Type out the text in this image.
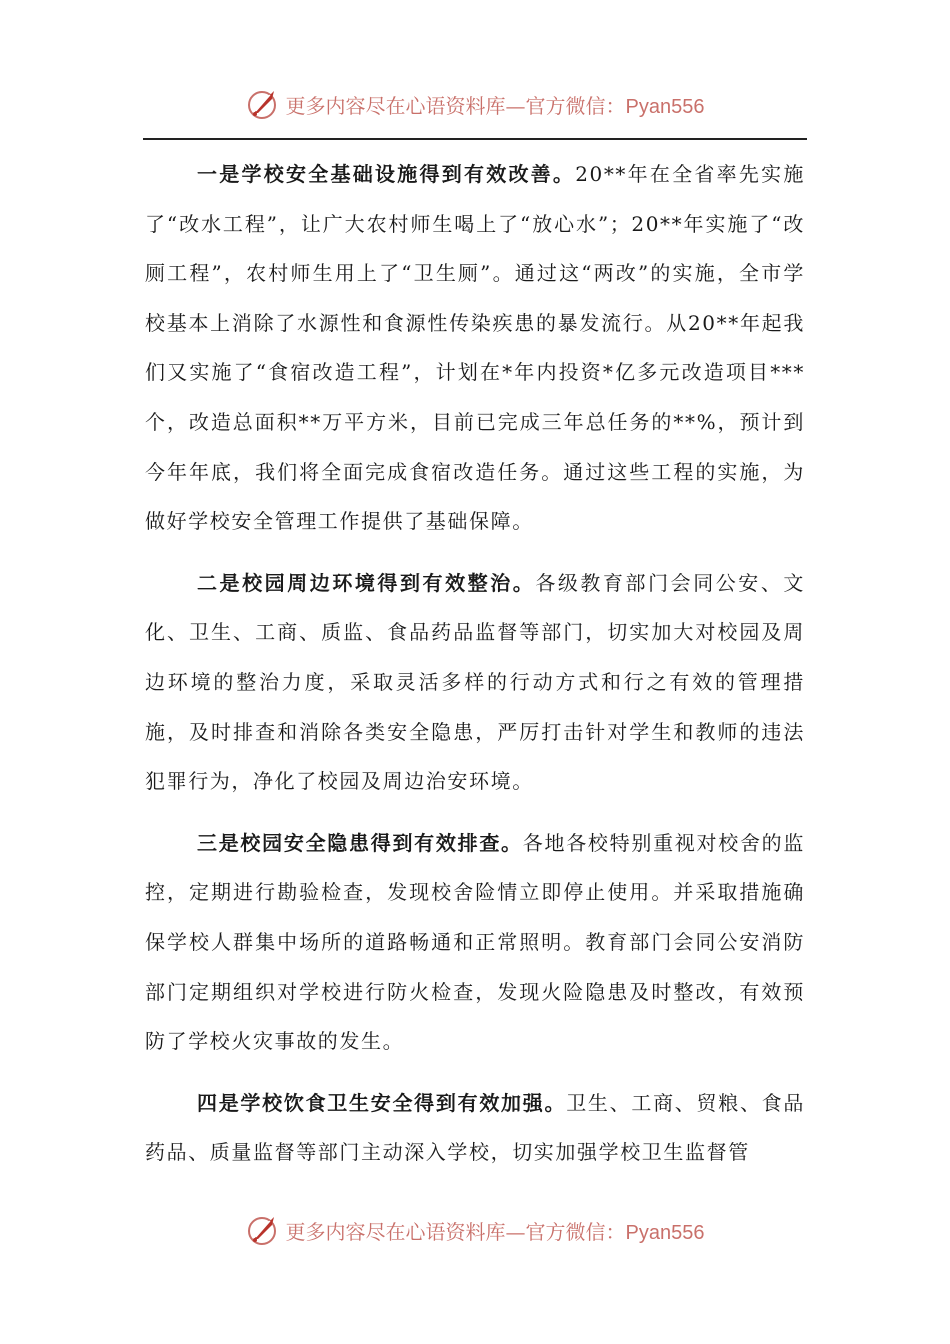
更多内容尽在心语资料库—官方微信：Pyan556

一是学校安全基础设施得到有效改善。20**年在全省率先实施了“改水工程”，让广大农村师生喝上了“放心水”；20**年实施了“改厕工程”，农村师生用上了“卫生厕”。通过这“两改”的实施，全市学校基本上消除了水源性和食源性传染疾患的暴发流行。从20**年起我们又实施了“食宿改造工程”，计划在*年内投资*亿多元改造项目***个，改造总面积**万平方米，目前已完成三年总任务的**%，预计到今年年底，我们将全面完成食宿改造任务。通过这些工程的实施，为做好学校安全管理工作提供了基础保障。

二是校园周边环境得到有效整治。各级教育部门会同公安、文化、卫生、工商、质监、食品药品监督等部门，切实加大对校园及周边环境的整治力度，采取灵活多样的行动方式和行之有效的管理措施，及时排查和消除各类安全隐患，严厉打击针对学生和教师的违法犯罪行为，净化了校园及周边治安环境。

三是校园安全隐患得到有效排查。各地各校特别重视对校舍的监控，定期进行勘验检查，发现校舍险情立即停止使用。并采取措施确保学校人群集中场所的道路畅通和正常照明。教育部门会同公安消防部门定期组织对学校进行防火检查，发现火险隐患及时整改，有效预防了学校火灾事故的发生。

四是学校饮食卫生安全得到有效加强。卫生、工商、贸粮、食品药品、质量监督等部门主动深入学校，切实加强学校卫生监督管

更多内容尽在心语资料库—官方微信：Pyan556
